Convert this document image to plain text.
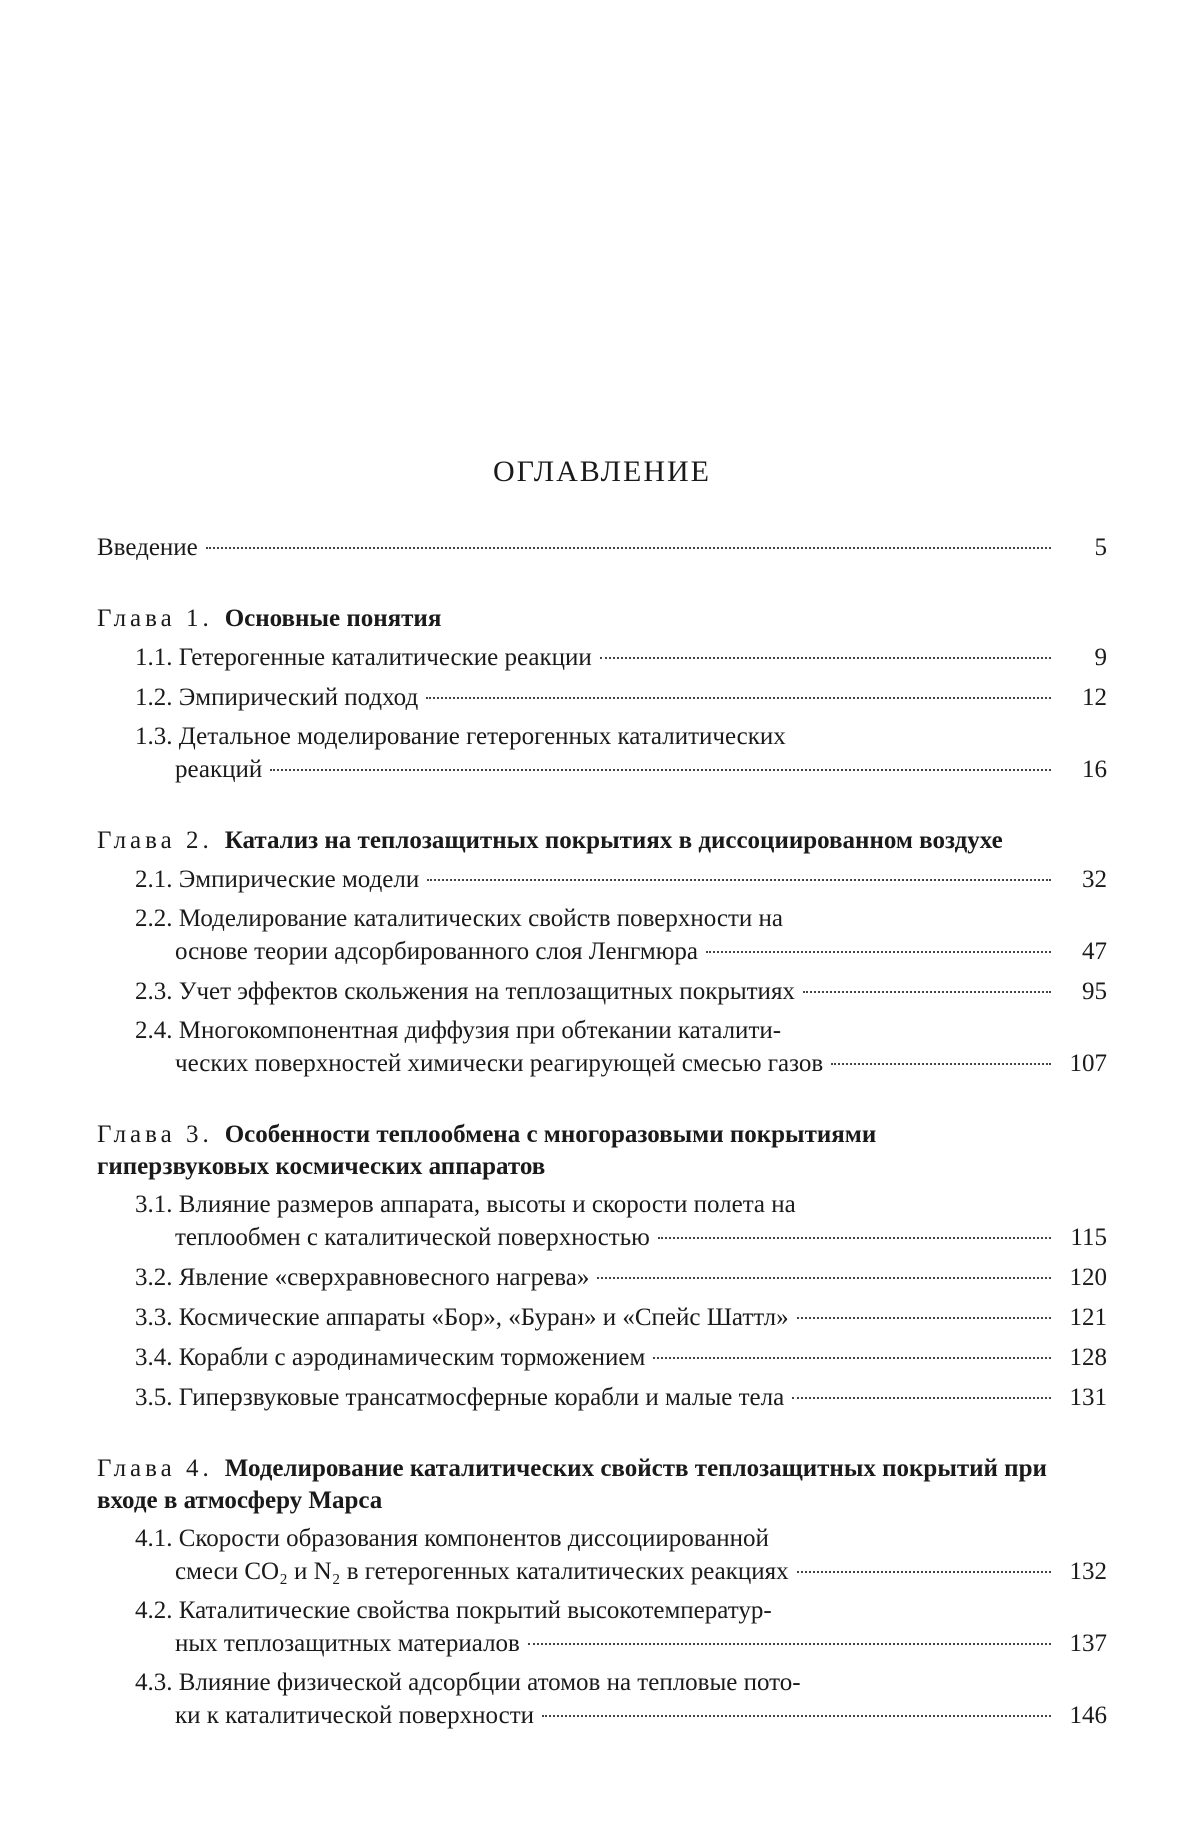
ОГЛАВЛЕНИЕ
Введение	5
Глава 1. Основные понятия
1.1. Гетерогенные каталитические реакции	9
1.2. Эмпирический подход	12
1.3. Детальное моделирование гетерогенных каталитических
реакций	16
Глава 2. Катализ на теплозащитных покрытиях в диссоциированном воздухе
2.1. Эмпирические модели	32
2.2. Моделирование каталитических свойств поверхности на
основе теории адсорбированного слоя Ленгмюра	47
2.3. Учет эффектов скольжения на теплозащитных покрытиях	95
2.4. Многокомпонентная диффузия при обтекании каталити-
ческих поверхностей химически реагирующей смесью газов	107
Глава 3. Особенности теплообмена с многоразовыми покрытиями гиперзвуковых космических аппаратов
3.1. Влияние размеров аппарата, высоты и скорости полета на
теплообмен с каталитической поверхностью	115
3.2. Явление «сверхравновесного нагрева»	120
3.3. Космические аппараты «Бор», «Буран» и «Спейс Шаттл»	121
3.4. Корабли с аэродинамическим торможением	128
3.5. Гиперзвуковые трансатмосферные корабли и малые тела	131
Глава 4. Моделирование каталитических свойств теплозащитных покрытий при входе в атмосферу Марса
4.1. Скорости образования компонентов диссоциированной
смеси CO₂ и N₂ в гетерогенных каталитических реакциях	132
4.2. Каталитические свойства покрытий высокотемператур-
ных теплозащитных материалов	137
4.3. Влияние физической адсорбции атомов на тепловые пото-
ки к каталитической поверхности	146
